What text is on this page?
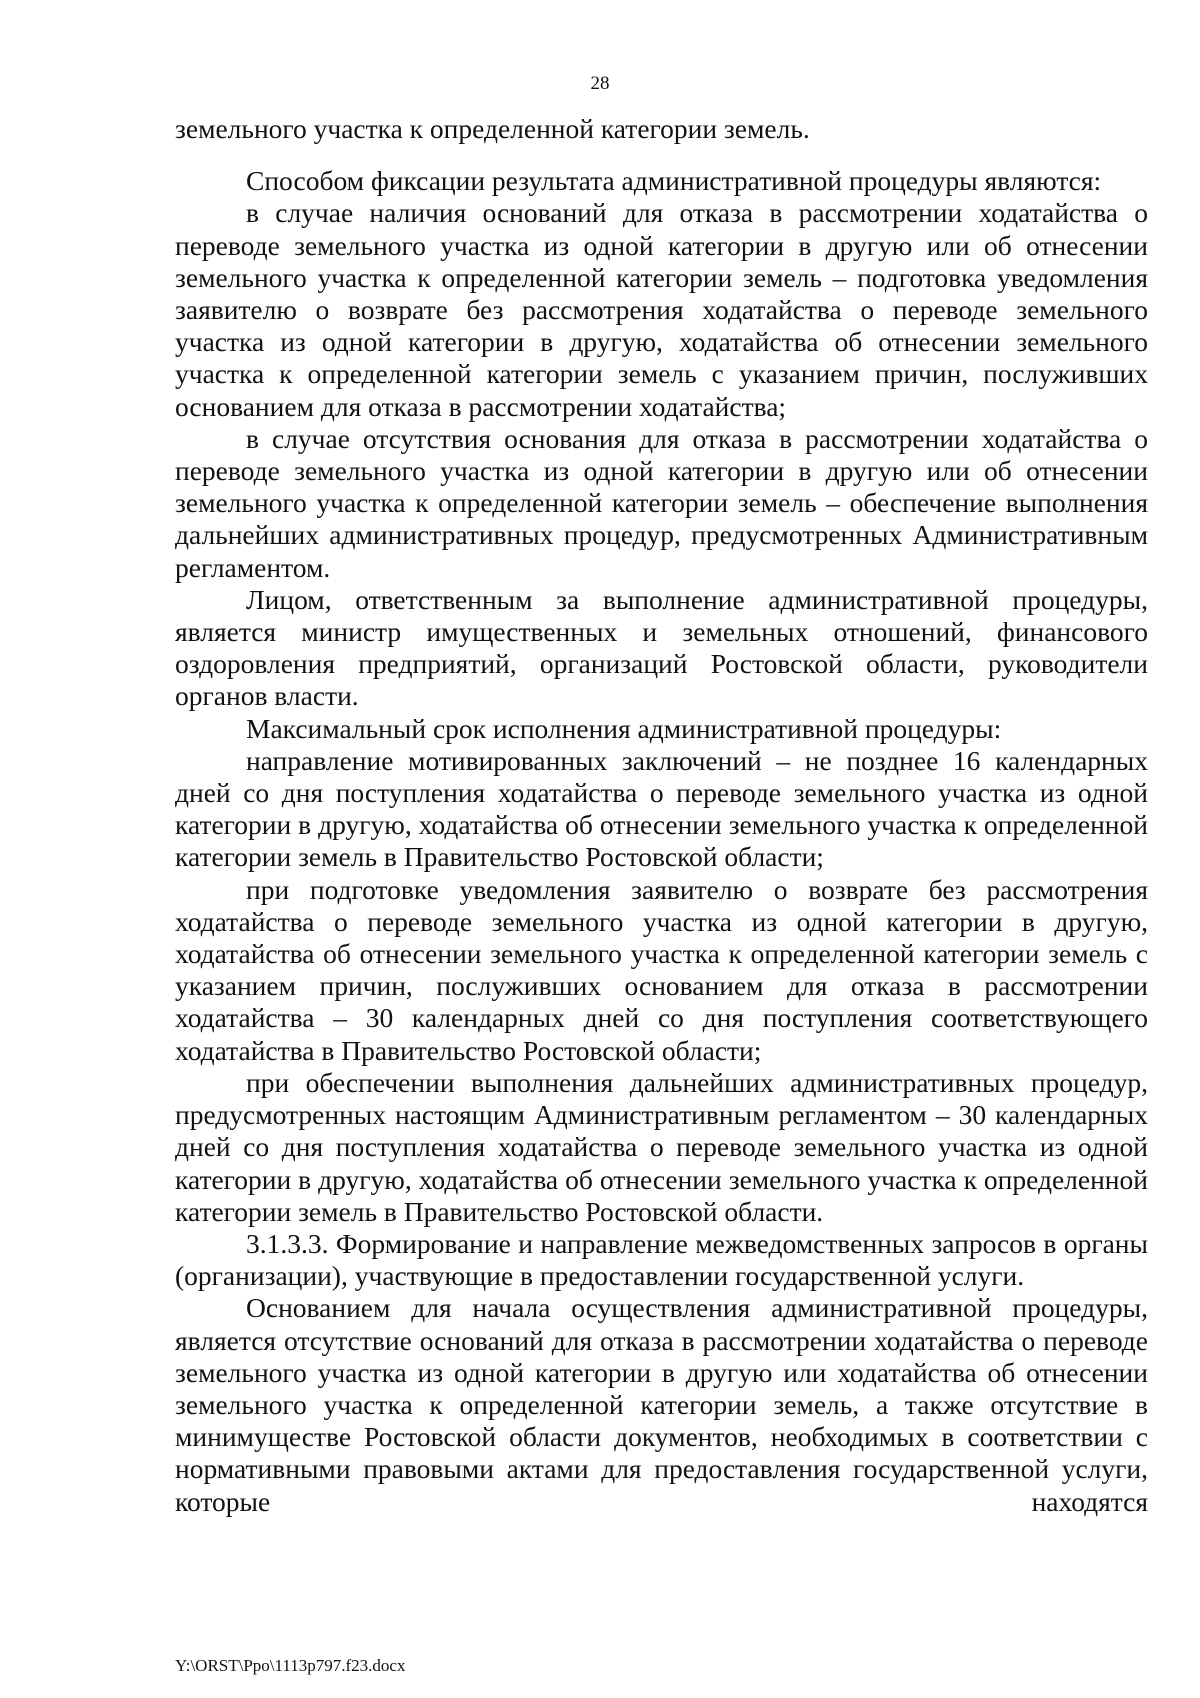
28

земельного участка к определенной категории земель.

Способом фиксации результата административной процедуры являются:

в случае наличия оснований для отказа в рассмотрении ходатайства о переводе земельного участка из одной категории в другую или об отнесении земельного участка к определенной категории земель – подготовка уведомления заявителю о возврате без рассмотрения ходатайства о переводе земельного участка из одной категории в другую, ходатайства об отнесении земельного участка к определенной категории земель с указанием причин, послуживших основанием для отказа в рассмотрении ходатайства;

в случае отсутствия основания для отказа в рассмотрении ходатайства о переводе земельного участка из одной категории в другую или об отнесении земельного участка к определенной категории земель – обеспечение выполнения дальнейших административных процедур, предусмотренных Административным регламентом.

Лицом, ответственным за выполнение административной процедуры, является министр имущественных и земельных отношений, финансового оздоровления предприятий, организаций Ростовской области, руководители органов власти.

Максимальный срок исполнения административной процедуры:

направление мотивированных заключений – не позднее 16 календарных дней со дня поступления ходатайства о переводе земельного участка из одной категории в другую, ходатайства об отнесении земельного участка к определенной категории земель в Правительство Ростовской области;

при подготовке уведомления заявителю о возврате без рассмотрения ходатайства о переводе земельного участка из одной категории в другую, ходатайства об отнесении земельного участка к определенной категории земель с указанием причин, послуживших основанием для отказа в рассмотрении ходатайства – 30 календарных дней со дня поступления соответствующего ходатайства в Правительство Ростовской области;

при обеспечении выполнения дальнейших административных процедур, предусмотренных настоящим Административным регламентом – 30 календарных дней со дня поступления ходатайства о переводе земельного участка из одной категории в другую, ходатайства об отнесении земельного участка к определенной категории земель в Правительство Ростовской области.

3.1.3.3. Формирование и направление межведомственных запросов в органы (организации), участвующие в предоставлении государственной услуги.

Основанием для начала осуществления административной процедуры, является отсутствие оснований для отказа в рассмотрении ходатайства о переводе земельного участка из одной категории в другую или ходатайства об отнесении земельного участка к определенной категории земель, а также отсутствие в минимуществе Ростовской области документов, необходимых в соответствии с нормативными правовыми актами для предоставления государственной услуги, которые находятся

Y:\ORST\Ppo\1113p797.f23.docx
